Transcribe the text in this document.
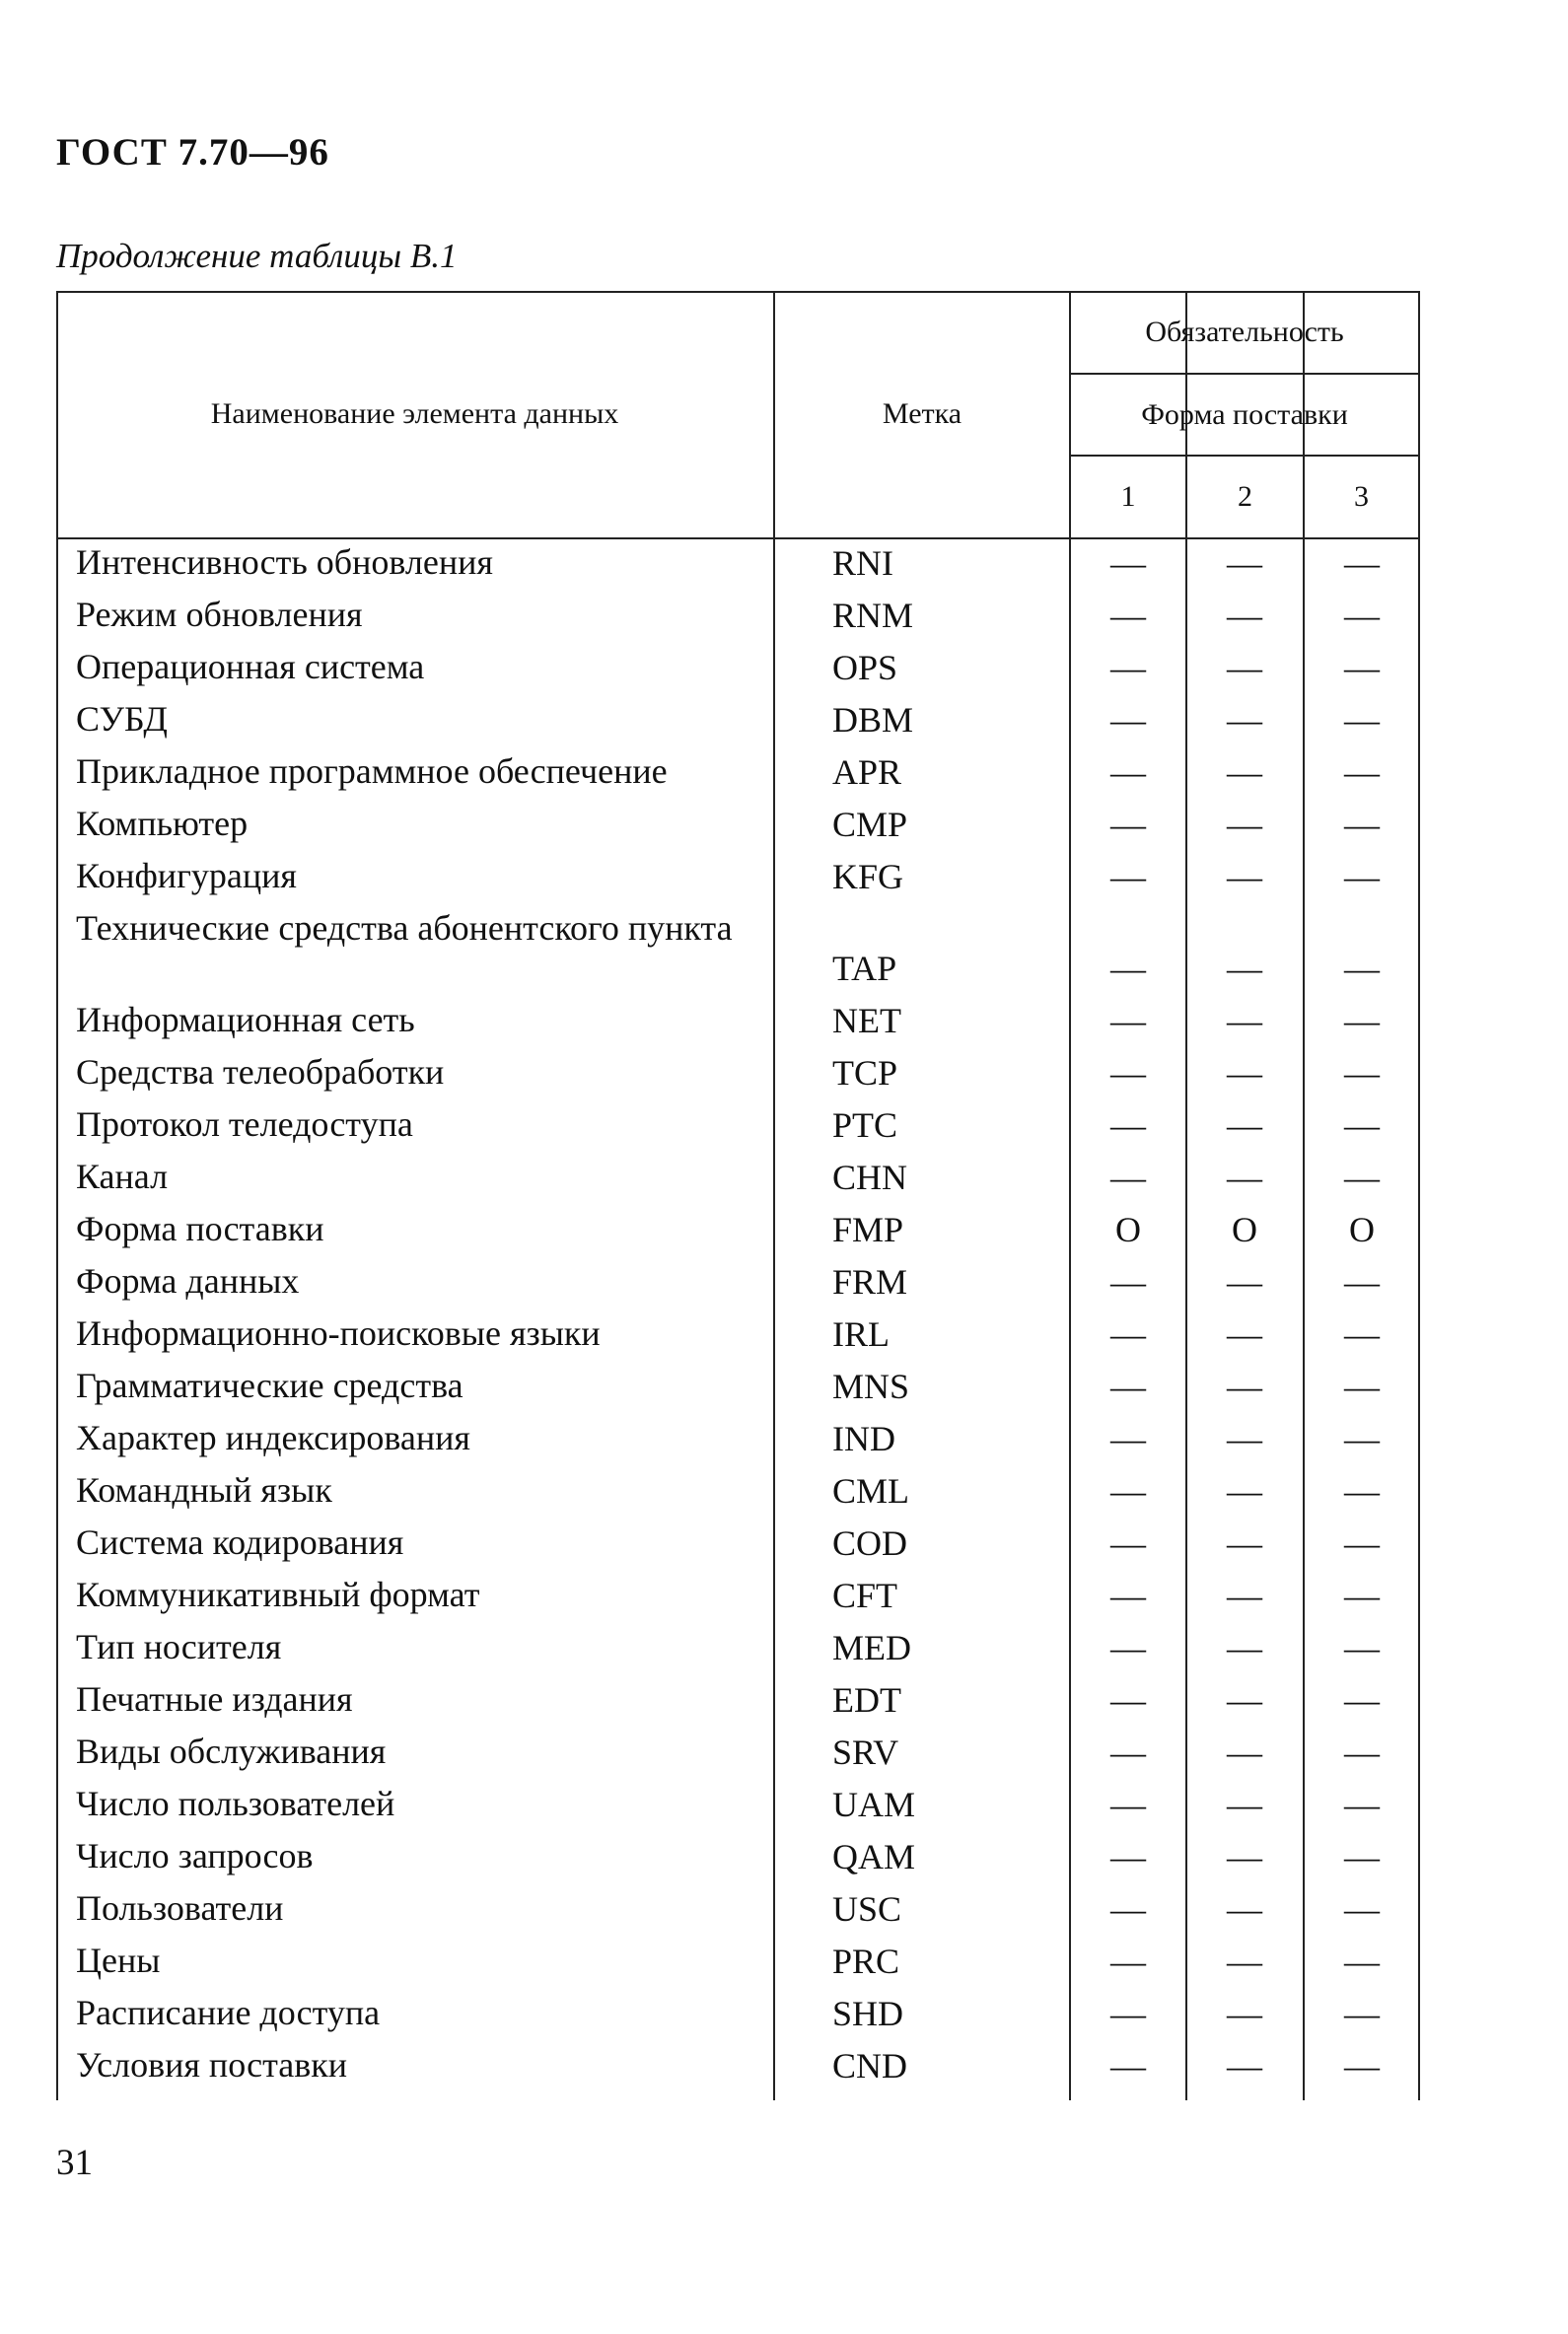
ГОСТ 7.70—96
Продолжение таблицы В.1
Наименование элемента данных	Метка
Обязательность
Форма поставки
1	2	3
Интенсивность обновления	RNI	—	—	—
Режим обновления	RNM	—	—	—
Операционная система	OPS	—	—	—
СУБД	DBM	—	—	—
Прикладное программное обеспечение	APR	—	—	—
Компьютер	CMP	—	—	—
Конфигурация	KFG	—	—	—
Технические средства абонентского пункта
TAP	—	—	—
Информационная сеть	NET	—	—	—
Средства телеобработки	TCP	—	—	—
Протокол теледоступа	PTC	—	—	—
Канал	CHN	—	—	—
Форма поставки	FMP	O	O	O
Форма данных	FRM	—	—	—
Информационно-поисковые языки	IRL	—	—	—
Грамматические средства	MNS	—	—	—
Характер индексирования	IND	—	—	—
Командный язык	CML	—	—	—
Система кодирования	COD	—	—	—
Коммуникативный формат	CFT	—	—	—
Тип носителя	MED	—	—	—
Печатные издания	EDT	—	—	—
Виды обслуживания	SRV	—	—	—
Число пользователей	UAM	—	—	—
Число запросов	QAM	—	—	—
Пользователи	USC	—	—	—
Цены	PRC	—	—	—
Расписание доступа	SHD	—	—	—
Условия поставки	CND	—	—	—
31
